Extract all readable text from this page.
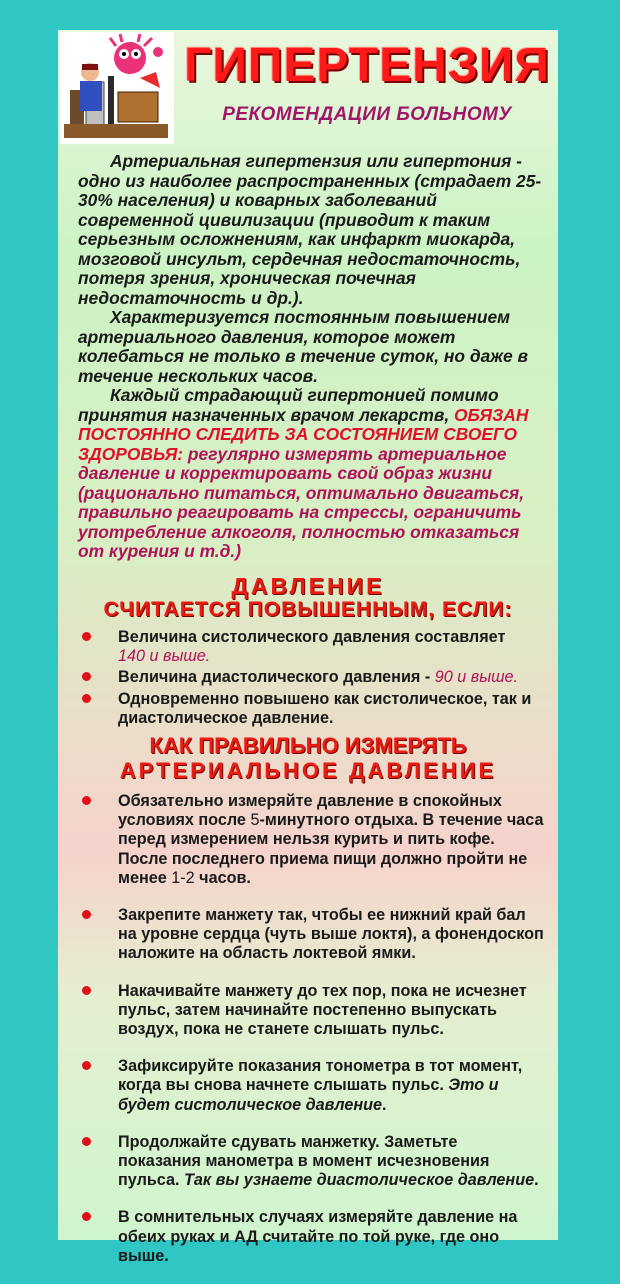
ГИПЕРТЕНЗИЯ
РЕКОМЕНДАЦИИ БОЛЬНОМУ

Артериальная гипертензия или гипертония - одно из наиболее распространенных (страдает 25-30% населения) и коварных заболеваний современной цивилизации (приводит к таким серьезным осложнениям, как инфаркт миокарда, мозговой инсульт, сердечная недостаточность, потеря зрения, хроническая почечная недостаточность и др.).

Характеризуется постоянным повышением артериального давления, которое может колебаться не только в течение суток, но даже в течение нескольких часов.

Каждый страдающий гипертонией помимо принятия назначенных врачом лекарств, ОБЯЗАН ПОСТОЯННО СЛЕДИТЬ ЗА СОСТОЯНИЕМ СВОЕГО ЗДОРОВЬЯ: регулярно измерять артериальное давление и корректировать свой образ жизни (рационально питаться, оптимально двигаться, правильно реагировать на стрессы, ограничить употребление алкоголя, полностью отказаться от курения и т.д.)

ДАВЛЕНИЕ
СЧИТАЕТСЯ ПОВЫШЕННЫМ, ЕСЛИ:
Величина систолического давления составляет
140 и выше.
Величина диастолического давления - 90 и выше.
Одновременно повышено как систолическое, так и диастолическое давление.
КАК ПРАВИЛЬНО ИЗМЕРЯТЬ
АРТЕРИАЛЬНОЕ ДАВЛЕНИЕ
Обязательно измеряйте давление в спокойных условиях после 5-минутного отдыха. В течение часа перед измерением нельзя курить и пить кофе. После последнего приема пищи должно пройти не менее 1-2 часов.
Закрепите манжету так, чтобы ее нижний край бал на уровне сердца (чуть выше локтя), а фонендоскоп наложите на область локтевой ямки.
Накачивайте манжету до тех пор, пока не исчезнет пульс, затем начинайте постепенно выпускать воздух, пока не станете слышать пульс.
Зафиксируйте показания тонометра в тот момент, когда вы снова начнете слышать пульс. Это и будет систолическое давление.
Продолжайте сдувать манжетку. Заметьте показания манометра в момент исчезновения пульса. Так вы узнаете диастолическое давление.
В сомнительных случаях измеряйте давление на обеих руках и АД считайте по той руке, где оно выше.
